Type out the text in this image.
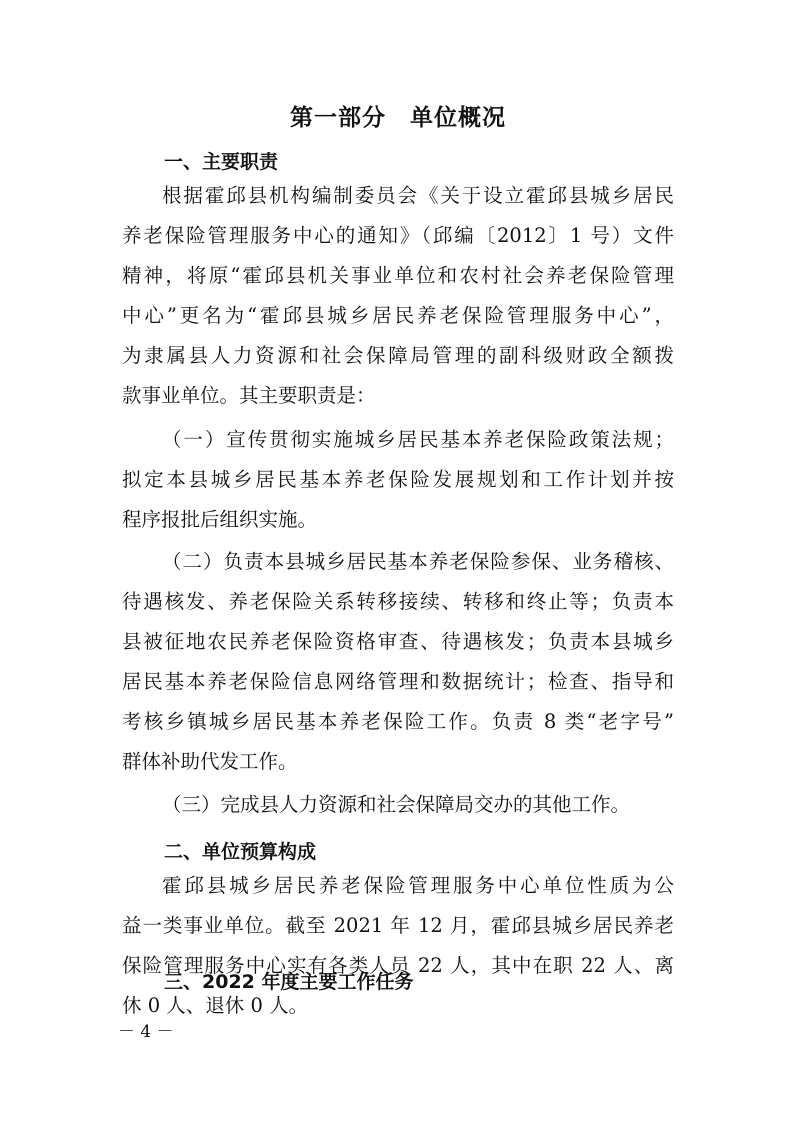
第一部分　单位概况
一、主要职责
根据霍邱县机构编制委员会《关于设立霍邱县城乡居民
养老保险管理服务中心的通知》（邱编〔2012〕1 号）文件
精神，将原“霍邱县机关事业单位和农村社会养老保险管理
中心”更名为“霍邱县城乡居民养老保险管理服务中心”，
为隶属县人力资源和社会保障局管理的副科级财政全额拨
款事业单位。其主要职责是：
（一）宣传贯彻实施城乡居民基本养老保险政策法规；
拟定本县城乡居民基本养老保险发展规划和工作计划并按
程序报批后组织实施。
（二）负责本县城乡居民基本养老保险参保、业务稽核、
待遇核发、养老保险关系转移接续、转移和终止等；负责本
县被征地农民养老保险资格审查、待遇核发；负责本县城乡
居民基本养老保险信息网络管理和数据统计；检查、指导和
考核乡镇城乡居民基本养老保险工作。负责 8 类“老字号”
群体补助代发工作。
（三）完成县人力资源和社会保障局交办的其他工作。
二、单位预算构成
霍邱县城乡居民养老保险管理服务中心单位性质为公
益一类事业单位。截至 2021 年 12 月，霍邱县城乡居民养老
保险管理服务中心实有各类人员 22 人，其中在职 22 人、离
休 0 人、退休 0 人。
三、2022 年度主要工作任务
－ 4 －
